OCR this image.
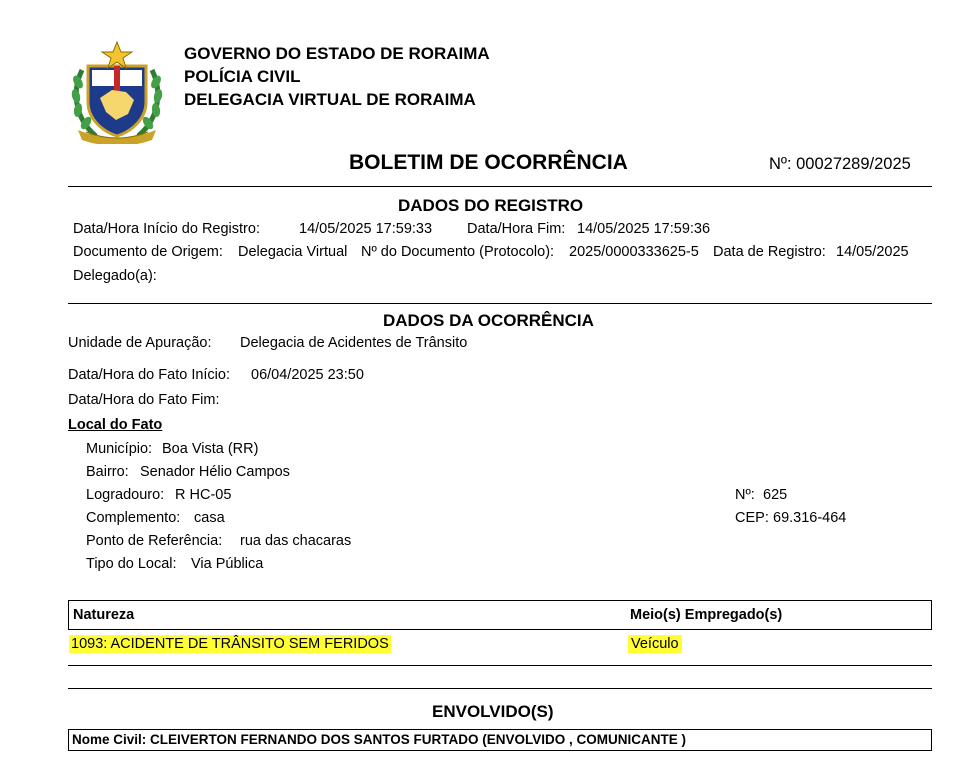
GOVERNO DO ESTADO DE RORAIMA
POLÍCIA CIVIL
DELEGACIA VIRTUAL DE RORAIMA
BOLETIM DE OCORRÊNCIA	Nº: 00027289/2025
DADOS DO REGISTRO
Data/Hora Início do Registro:	14/05/2025 17:59:33 Data/Hora Fim: 14/05/2025 17:59:36
Documento de Origem: Delegacia Virtual Nº do Documento (Protocolo): 2025/0000333625-5 Data de Registro: 14/05/2025
Delegado(a):
DADOS DA OCORRÊNCIA
Unidade de Apuração: Delegacia de Acidentes de Trânsito
Data/Hora do Fato Início: 06/04/2025 23:50
Data/Hora do Fato Fim:
Local do Fato
Município: Boa Vista (RR)
Bairro: Senador Hélio Campos
Logradouro: R HC-05	Nº: 625
Complemento: casa	CEP: 69.316-464
Ponto de Referência: rua das chacaras
Tipo do Local: Via Pública
Natureza	Meio(s) Empregado(s)
1093: ACIDENTE DE TRÂNSITO SEM FERIDOS	Veículo
ENVOLVIDO(S)
Nome Civil: CLEIVERTON FERNANDO DOS SANTOS FURTADO (ENVOLVIDO , COMUNICANTE )
